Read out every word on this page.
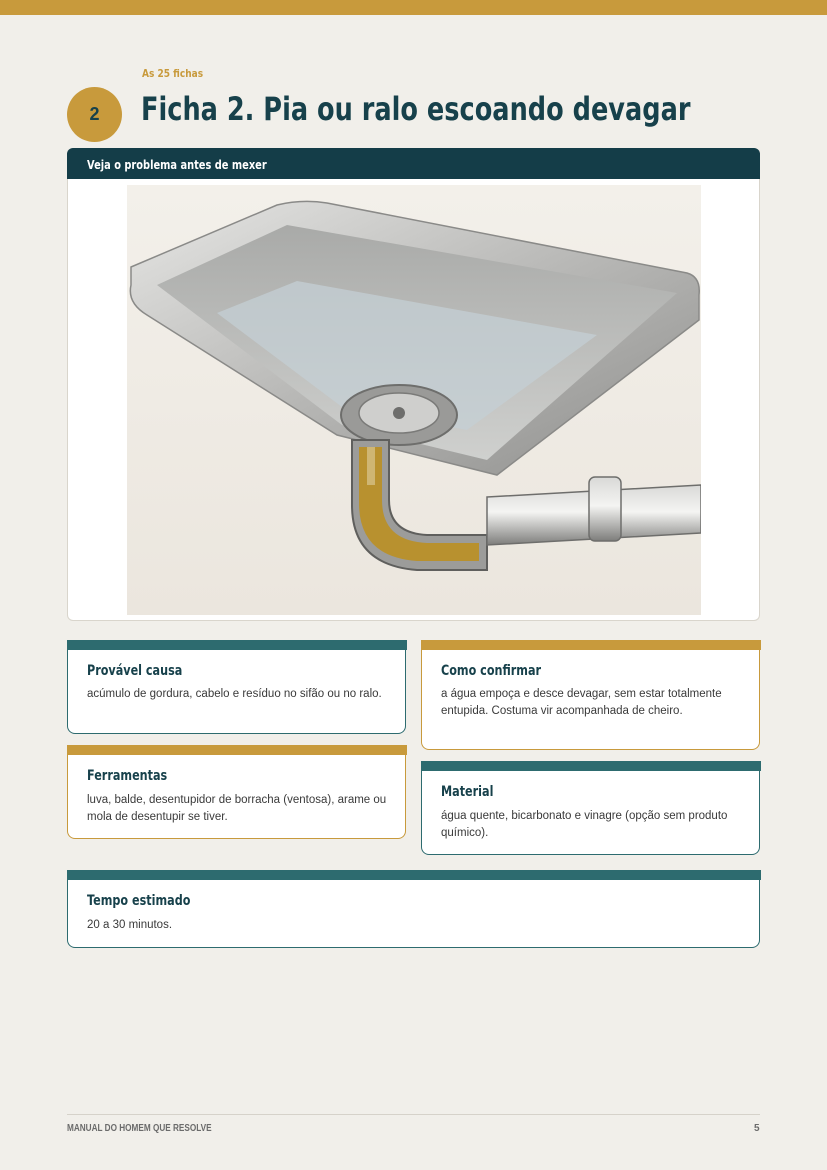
As 25 fichas
2	Ficha 2. Pia ou ralo escoando devagar
Veja o problema antes de mexer
Provável causa

acúmulo de gordura, cabelo e resíduo no sifão ou no ralo.

Como confirmar

a água empoça e desce devagar, sem estar totalmente entupida. Costuma vir acompanhada de cheiro.

Ferramentas

luva, balde, desentupidor de borracha (ventosa), arame ou mola de desentupir se tiver.

Material

água quente, bicarbonato e vinagre (opção sem produto químico).

Tempo estimado

20 a 30 minutos.

MANUAL DO HOMEM QUE RESOLVE	5
